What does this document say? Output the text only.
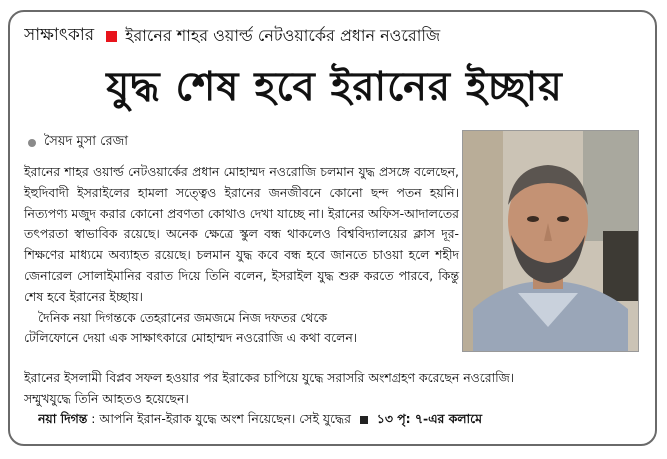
সাক্ষাৎকার ইরানের শাহর ওয়ার্ল্ড নেটওয়ার্কের প্রধান নওরোজি
যুদ্ধ শেষ হবে ইরানের ইচ্ছায়
সৈয়দ মুসা রেজা

ইরানের শাহর ওয়ার্ল্ড নেটওয়ার্কের প্রধান মোহাম্মদ নওরোজি চলমান যুদ্ধ প্রসঙ্গে বলেছেন, ইহুদিবাদী ইসরাইলের হামলা সত্ত্বেও ইরানের জনজীবনে কোনো ছন্দ পতন হয়নি। নিত্যপণ্য মজুদ করার কোনো প্রবণতা কোথাও দেখা যাচ্ছে না। ইরানের অফিস-আদালতের তৎপরতা স্বাভাবিক রয়েছে। অনেক ক্ষেত্রে স্কুল বন্ধ থাকলেও বিশ্ববিদ্যালয়ের ক্লাস দূর-শিক্ষণের মাধ্যমে অব্যাহত রয়েছে। চলমান যুদ্ধ কবে বন্ধ হবে জানতে চাওয়া হলে শহীদ জেনারেল সোলাইমানির বরাত দিয়ে তিনি বলেন, ইসরাইল যুদ্ধ শুরু করতে পারবে, কিন্তু শেষ হবে ইরানের ইচ্ছায়।

দৈনিক নয়া দিগন্তকে তেহরানের জমজমে নিজ দফতর থেকে

টেলিফোনে দেয়া এক সাক্ষাৎকারে মোহাম্মদ নওরোজি এ কথা বলেন।

ইরানের ইসলামী বিপ্লব সফল হওয়ার পর ইরাকের চাপিয়ে যুদ্ধে সরাসরি অংশগ্রহণ করেছেন নওরোজি।
সম্মুখযুদ্ধে তিনি আহতও হয়েছেন।
নয়া দিগন্ত : আপনি ইরান-ইরাক যুদ্ধে অংশ নিয়েছেন। সেই যুদ্ধের ১৩ পৃ: ৭-এর কলামে
